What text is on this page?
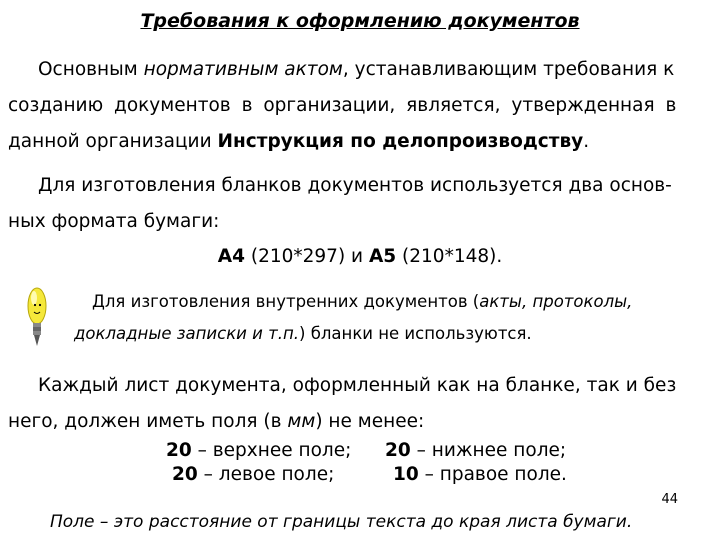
Требования к оформлению документов
Основным нормативным актом, устанавливающим требования к
созданию документов в организации, является, утвержденная в
данной организации Инструкция по делопроизводству.
Для изготовления бланков документов используется два основ-
ных формата бумаги:
А4 (210*297) и А5 (210*148).
Для изготовления внутренних документов (акты, протоколы,
докладные записки и т.п.) бланки не используются.
Каждый лист документа, оформленный как на бланке, так и без
него, должен иметь поля (в мм) не менее:
20 – верхнее поле; 20 – нижнее поле;
20 – левое поле;	10 – правое поле.
44
Поле – это расстояние от границы текста до края листа бумаги.
